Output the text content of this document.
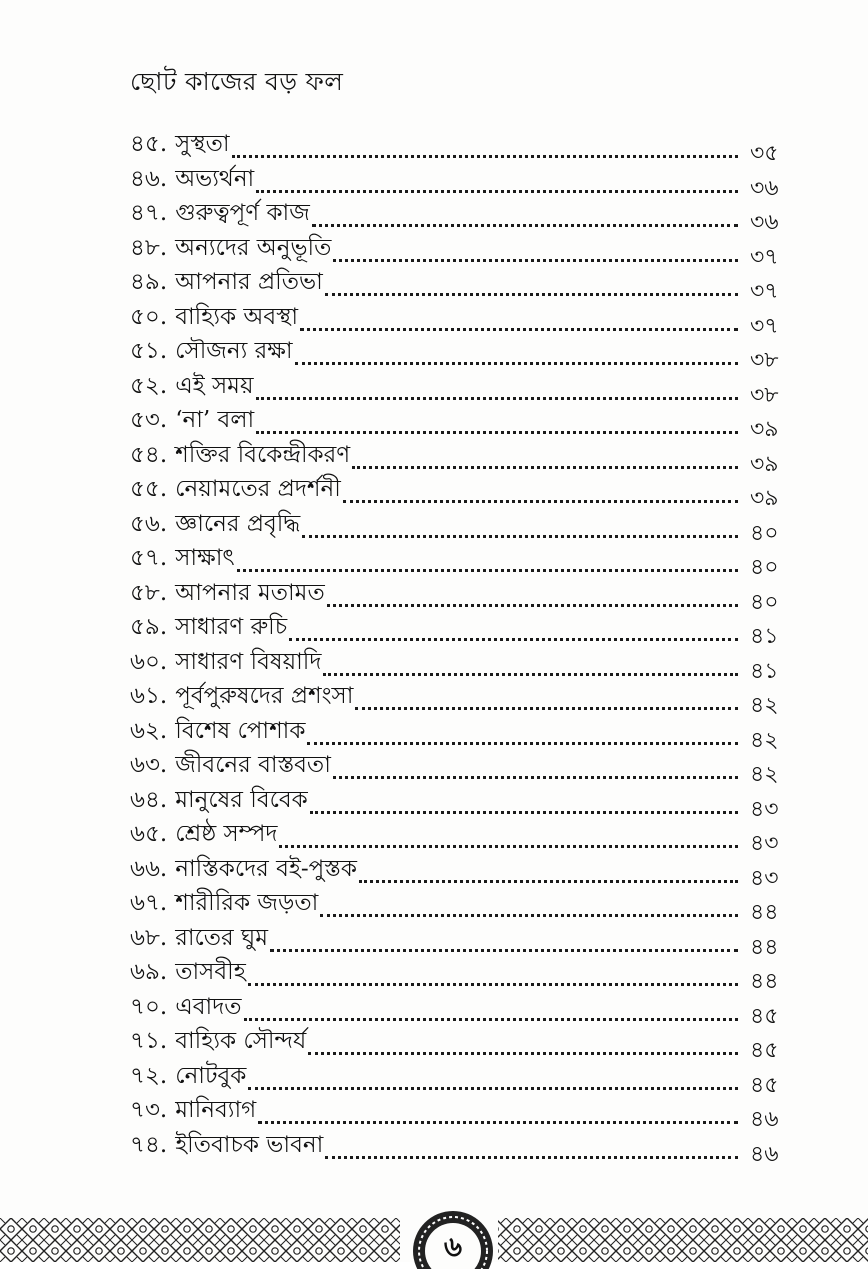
ছোট কাজের বড় ফল
৪৫. সুস্থতা	৩৫
৪৬. অভ্যর্থনা	৩৬
৪৭. গুরুত্বপূর্ণ কাজ	৩৬
৪৮. অন্যদের অনুভূতি	৩৭
৪৯. আপনার প্রতিভা	৩৭
৫০. বাহ্যিক অবস্থা	৩৭
৫১. সৌজন্য রক্ষা	৩৮
৫২. এই সময়	৩৮
৫৩. ‘না’ বলা	৩৯
৫৪. শক্তির বিকেন্দ্রীকরণ	৩৯
৫৫. নেয়ামতের প্রদর্শনী	৩৯
৫৬. জ্ঞানের প্রবৃদ্ধি	৪০
৫৭. সাক্ষাৎ	৪০
৫৮. আপনার মতামত	৪০
৫৯. সাধারণ রুচি	৪১
৬০. সাধারণ বিষয়াদি	৪১
৬১. পূর্বপুরুষদের প্রশংসা	৪২
৬২. বিশেষ পোশাক	৪২
৬৩. জীবনের বাস্তবতা	৪২
৬৪. মানুষের বিবেক	৪৩
৬৫. শ্রেষ্ঠ সম্পদ	৪৩
৬৬. নাস্তিকদের বই-পুস্তক	৪৩
৬৭. শারীরিক জড়তা	৪৪
৬৮. রাতের ঘুম	৪৪
৬৯. তাসবীহ	৪৪
৭০. এবাদত	৪৫
৭১. বাহ্যিক সৌন্দর্য	৪৫
৭২. নোটবুক	৪৫
৭৩. মানিব্যাগ	৪৬
৭৪. ইতিবাচক ভাবনা	৪৬
৬
